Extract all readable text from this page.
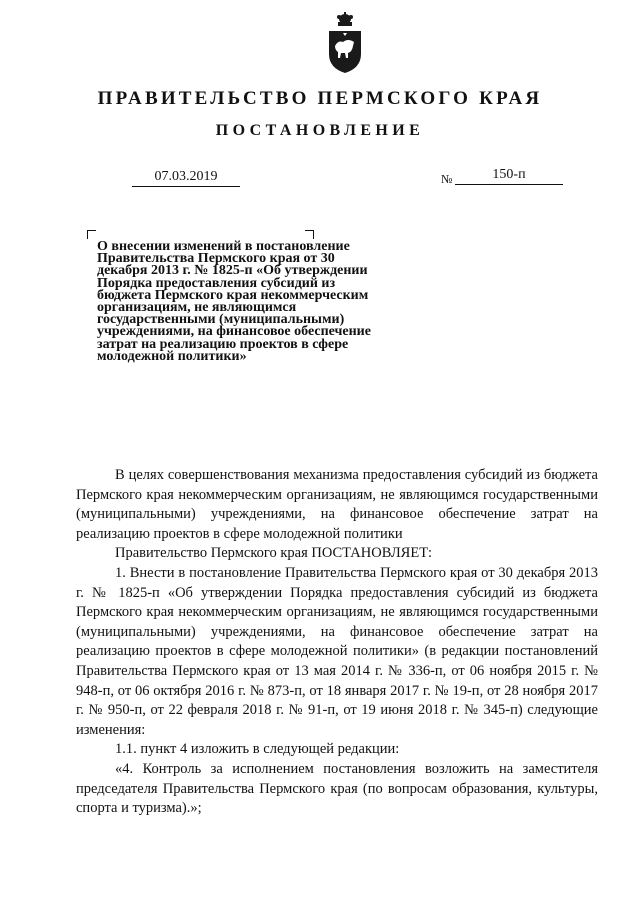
ПРАВИТЕЛЬСТВО ПЕРМСКОГО КРАЯ
ПОСТАНОВЛЕНИЕ
07.03.2019	№	150-п

О внесении изменений в постановление Правительства Пермского края от 30 декабря 2013 г. № 1825-п «Об утверждении Порядка предоставления субсидий из бюджета Пермского края некоммерческим организациям, не являющимся государственными (муниципальными) учреждениями, на финансовое обеспечение затрат на реализацию проектов в сфере молодежной политики»

В целях совершенствования механизма предоставления субсидий из бюджета Пермского края некоммерческим организациям, не являющимся государственными (муниципальными) учреждениями, на финансовое обеспечение затрат на реализацию проектов в сфере молодежной политики

Правительство Пермского края ПОСТАНОВЛЯЕТ:

1. Внести в постановление Правительства Пермского края от 30 декабря 2013 г. № 1825-п «Об утверждении Порядка предоставления субсидий из бюджета Пермского края некоммерческим организациям, не являющимся государственными (муниципальными) учреждениями, на финансовое обеспечение затрат на реализацию проектов в сфере молодежной политики» (в редакции постановлений Правительства Пермского края от 13 мая 2014 г. № 336-п, от 06 ноября 2015 г. № 948-п, от 06 октября 2016 г. № 873-п, от 18 января 2017 г. № 19-п, от 28 ноября 2017 г. № 950-п, от 22 февраля 2018 г. № 91-п, от 19 июня 2018 г. № 345-п) следующие изменения:

1.1. пункт 4 изложить в следующей редакции:

«4. Контроль за исполнением постановления возложить на заместителя председателя Правительства Пермского края (по вопросам образования, культуры, спорта и туризма).»;
